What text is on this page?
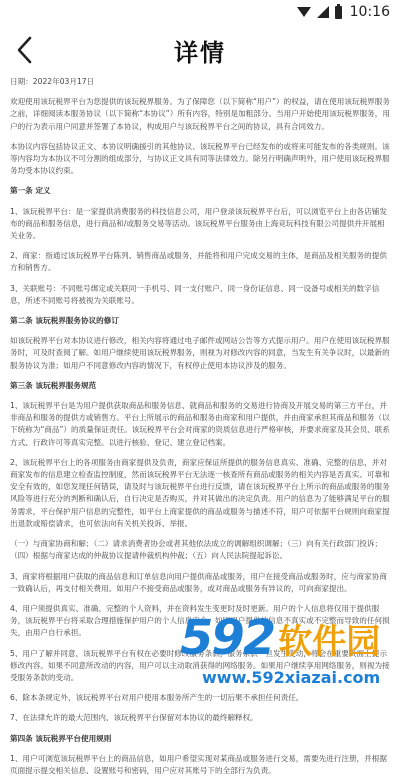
10:16
详情

日期：2022年03月17日

欢迎使用该玩税界平台为您提供的该玩税界服务。为了保障您（以下简称“用户”）的权益，请在使用该玩税界服务之前，详细阅读本服务协议（以下简称“本协议”）所有内容，特别是加粗部分。当用户开始使用该玩税界服务，用户的行为表示用户同意并签署了本协议，构成用户与该玩税界平台之间的协议，具有合同效力。

本协议内容包括协议正文、本协议明确援引的其他协议、该玩税界平台已经发布的或将来可能发布的各类规则。该等内容均为本协议不可分割的组成部分，与协议正文具有同等法律效力。除另行明确声明外，用户使用该玩税界服务均受本协议约束。

第一条 定义

1、该玩税界平台：是一家提供消费服务的科技信息公司，用户登录该玩税界平台后，可以浏览平台上由各店铺发布的商品和服务信息，进行商品和/或服务交易等活动。该玩税界平台服务由上海竞玩科技有限公司提供并开展相关业务。

2、商家：指通过该玩税界平台陈列、销售商品或服务，并能将和用户完成交易的主体，是商品及相关服务的提供方和销售方。

3、关联账号：不同账号绑定或关联同一手机号、同一支付账户、同一身份证信息、同一设备号或相关的数字信息，所述不同账号将被视为关联账号。

第二条 该玩税界服务协议的修订

如该玩税界平台对本协议进行修改，相关内容将通过电子邮件或网站公告等方式提示用户。用户在使用该玩税界服务时，可及时查阅了解。如用户继续使用该玩税界服务，则视为对修改内容的同意，当发生有关争议时，以最新的服务协议为准；如用户不同意修改内容的情况下，有权停止使用本协议涉及的服务。

第三条 该玩税界服务规范

1、该玩税界平台是为用户提供获取商品和服务信息、就商品和服务的交易进行协商及开展交易的第三方平台，并非商品和服务的提供方或销售方。平台上所展示的商品和服务由商家和用户提供，并由商家承担其商品和服务（以下统称为“商品”）的质量保证责任。该玩税界平台会对商家的资质信息进行严格审核，并要求商家及其会员、联系方式、行政许可等真实完整。以进行核验、登记、建立登记档案。

2、该玩税界平台上的各项服务由商家提供及负责，商家应保证所提供的服务信息真实、准确、完整的信息，并对商家发布的信息建立检查监控制度，然而该玩税界平台无法逐一核查所有商品或服务的相关内容是否真实、可靠和安全有效的，如您发现任何错误，请及时与该玩税界平台进行反馈，请在该玩税界平台上所示的商品或服务的服务风险等进行充分的判断和确认后，自行决定是否购买，并对其做出的决定负责。用户的信息为了能够满足平台的服务需求，平台保护用户信息的完整性，如平台上商家提供的商品或服务与描述不符，用户可依据平台规则向商家提出退款或赔偿请求，也可依法向有关机关投诉、举报。

（一）与商家协商和解；（二）请求消费者协会或者其他依法成立的调解组织调解；（三）向有关行政部门投诉；（四）根据与商家达成的仲裁协议提请仲裁机构仲裁；（五）向人民法院提起诉讼。

3、商家将根据用户获取的商品信息和订单信息向用户提供商品或服务，用户在接受商品或服务时，应与商家协商一致确认后，再支付相关费用。如用户不接受商品或服务，或对商品或服务有异议的，可向商家提出。

4、用户须提供真实、准确、完整的个人资料，并在资料发生变更时及时更新。用户的个人信息将仅用于提供服务，该玩税界平台将采取合理措施保护用户的个人信息安全。如因用户提供的信息不真实或不完整而导致的任何损失，由用户自行承担。

5、用户了解并同意，该玩税界平台有权在必要时修改服务条款，服务条款一旦发生变动，将会在重要页面上提示修改内容。如果不同意所改动的内容，用户可以主动取消获得的网络服务。如果用户继续享用网络服务，则视为接受服务条款的变动。

6、除本条规定外，该玩税界平台对用户使用本服务所产生的一切后果不承担任何责任。

7、在法律允许的最大范围内，该玩税界平台保留对本协议的最终解释权。

第四条 该玩税界平台使用规则

1、用户可浏览该玩税界平台上的商品信息，如用户希望实现对某商品或服务进行交易，需要先进行注册，并根据页面提示提交相关信息、设置账号和密码，用户应对其账号下的全部行为负责。

592 软件园
www.592xiazai.com
